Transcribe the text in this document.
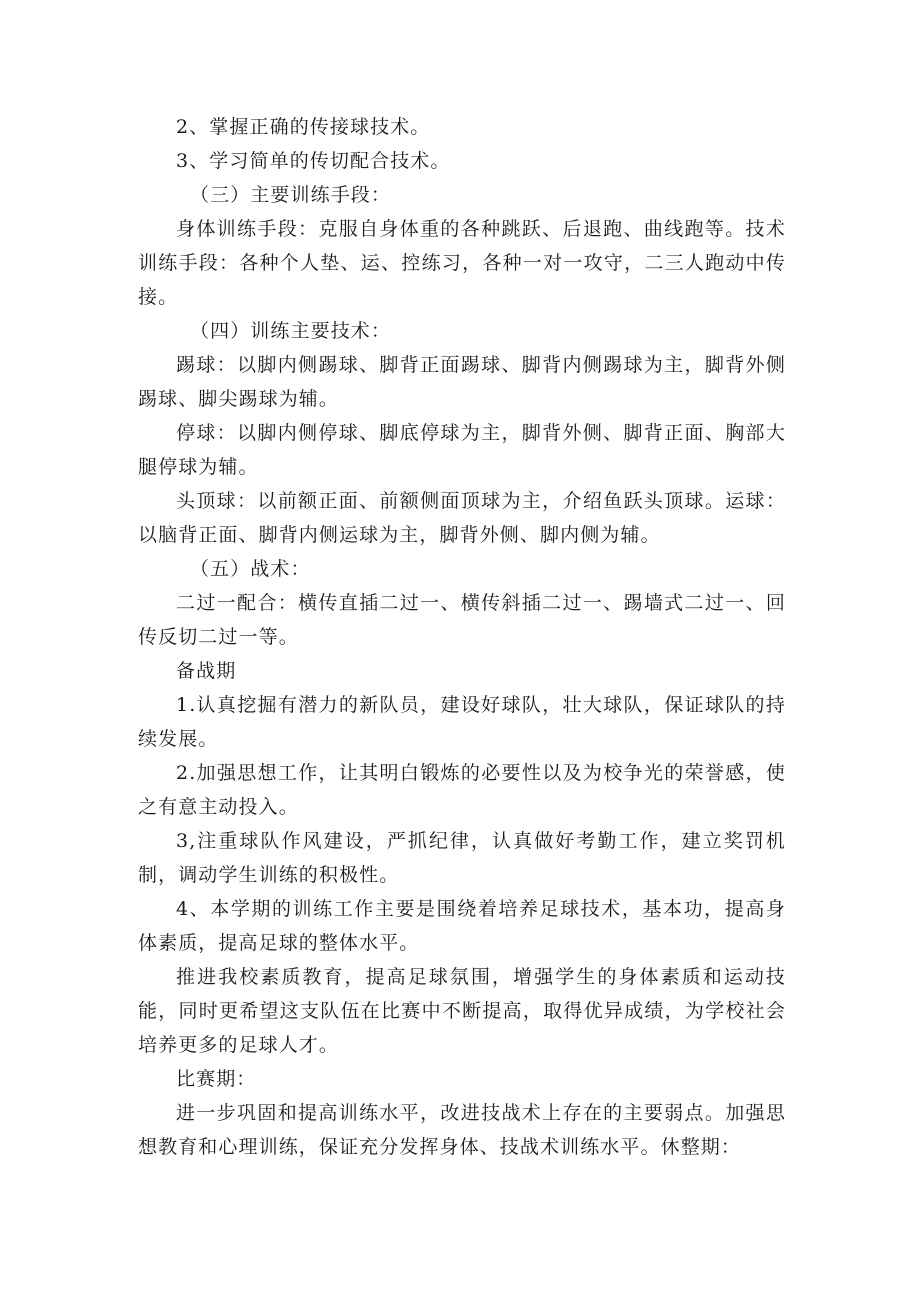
2、掌握正确的传接球技术。

3、学习简单的传切配合技术。

（三）主要训练手段：

身体训练手段：克服自身体重的各种跳跃、后退跑、曲线跑等。技术训练手段：各种个人垫、运、控练习，各种一对一攻守，二三人跑动中传接。

（四）训练主要技术：

踢球：以脚内侧踢球、脚背正面踢球、脚背内侧踢球为主，脚背外侧踢球、脚尖踢球为辅。

停球：以脚内侧停球、脚底停球为主，脚背外侧、脚背正面、胸部大腿停球为辅。

头顶球：以前额正面、前额侧面顶球为主，介绍鱼跃头顶球。运球：以脑背正面、脚背内侧运球为主，脚背外侧、脚内侧为辅。

（五）战术：

二过一配合：横传直插二过一、横传斜插二过一、踢墙式二过一、回传反切二过一等。

备战期

1.认真挖掘有潜力的新队员，建设好球队，壮大球队，保证球队的持续发展。

2.加强思想工作，让其明白锻炼的必要性以及为校争光的荣誉感，使之有意主动投入。

3,注重球队作风建设，严抓纪律，认真做好考勤工作，建立奖罚机制，调动学生训练的积极性。

4、本学期的训练工作主要是围绕着培养足球技术，基本功，提高身体素质，提高足球的整体水平。

推进我校素质教育，提高足球氛围，增强学生的身体素质和运动技能，同时更希望这支队伍在比赛中不断提高，取得优异成绩，为学校社会培养更多的足球人才。

比赛期：

进一步巩固和提高训练水平，改进技战术上存在的主要弱点。加强思想教育和心理训练，保证充分发挥身体、技战术训练水平。休整期：
